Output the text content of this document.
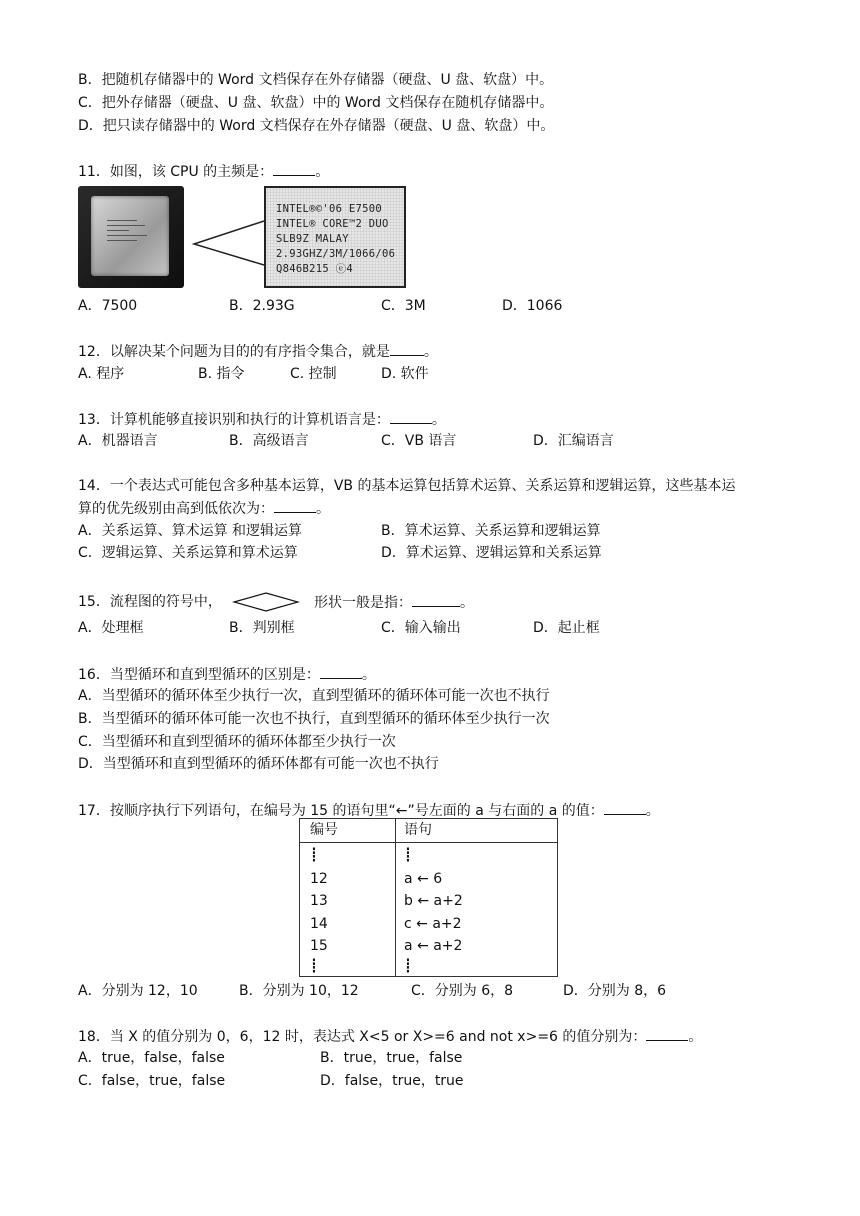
B．把随机存储器中的 Word 文档保存在外存储器（硬盘、U 盘、软盘）中。
C．把外存储器（硬盘、U 盘、软盘）中的 Word 文档保存在随机存储器中。
D．把只读存储器中的 Word 文档保存在外存储器（硬盘、U 盘、软盘）中。
11．如图，该 CPU 的主频是：	。
INTEL®©'06 E7500
INTEL® CORE™2 DUO
SLB9Z MALAY
2.93GHZ/3M/1066/06
Q846B215 ⓔ4
A．7500	B．2.93G	C．3M	D．1066
12．以解决某个问题为目的的有序指令集合，就是 。
A. 程序	B. 指令	C. 控制	D. 软件
13．计算机能够直接识别和执行的计算机语言是：	。
A．机器语言	B．高级语言	C．VB 语言	D．汇编语言
14．一个表达式可能包含多种基本运算，VB 的基本运算包括算术运算、关系运算和逻辑运算，这些基本运
算的优先级别由高到低依次为：	。
A．关系运算、算术运算 和逻辑运算	B．算术运算、关系运算和逻辑运算
C．逻辑运算、关系运算和算术运算	D．算术运算、逻辑运算和关系运算
15．流程图的符号中，	形状一般是指：	。
A．处理框	B．判别框	C．输入输出	D．起止框
16．当型循环和直到型循环的区别是：	。
A．当型循环的循环体至少执行一次，直到型循环的循环体可能一次也不执行
B．当型循环的循环体可能一次也不执行，直到型循环的循环体至少执行一次
C．当型循环和直到型循环的循环体都至少执行一次
D．当型循环和直到型循环的循环体都有可能一次也不执行
17．按顺序执行下列语句，在编号为 15 的语句里“←”号左面的 a 与右面的 a 的值：	。
编号	语句
┋	┋
12	a ← 6
13	b ← a+2
14	c ← a+2
15	a ← a+2
┋	┋
A．分别为 12，10	B．分别为 10，12	C．分别为 6，8	D．分别为 8，6
18．当 X 的值分别为 0，6，12 时，表达式 X<5 or X>=6 and not x>=6 的值分别为：	。
A．true，false，false	B．true，true，false
C．false，true，false	D．false，true，true
